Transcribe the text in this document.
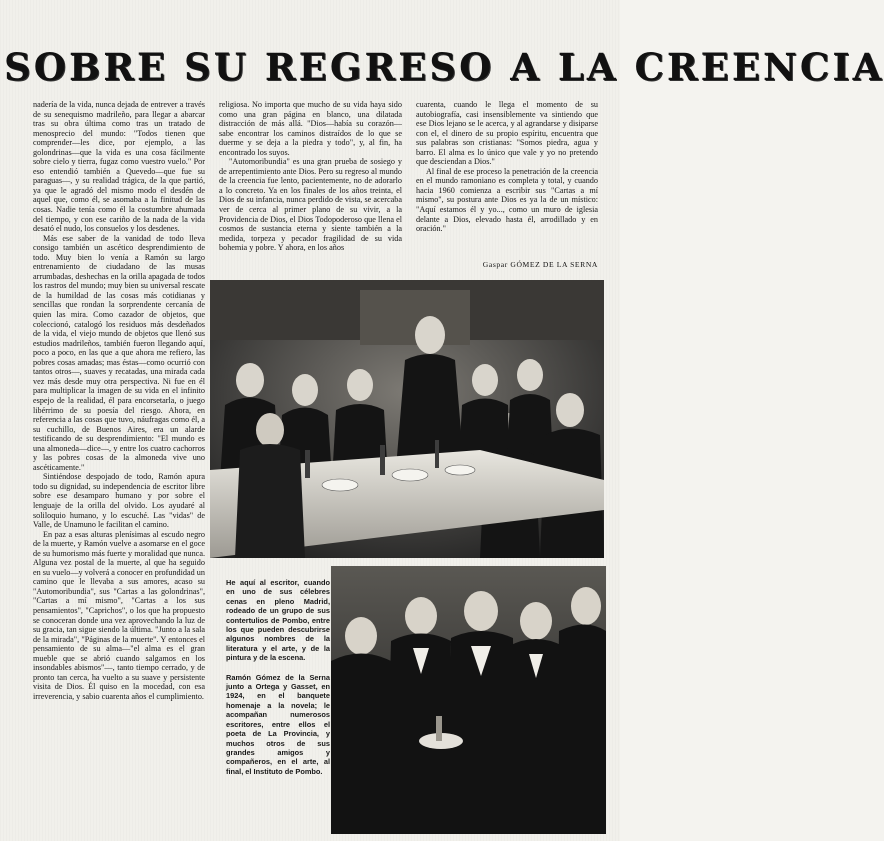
SOBRE SU REGRESO A LA CREENCIA

nadería de la vida, nunca dejada de entrever a través de su senequismo madrileño, para llegar a abarcar tras su obra última como tras un tratado de menosprecio del mundo: "Todos tienen que comprender—les dice, por ejemplo, a las golondrinas—que la vida es una cosa fácilmente sobre cielo y tierra, fugaz como vuestro vuelo." Por eso entendió también a Quevedo—que fue su paraguas—, y su realidad trágica, de la que partió, ya que le agradó del mismo modo el desdén de aquel que, como él, se asomaba a la finitud de las cosas. Nadie tenía como él la costumbre ahumada del tiempo, y con ese cariño de la nada de la vida desató el nudo, los consuelos y los desdenes.

Más ese saber de la vanidad de todo lleva consigo también un ascético desprendimiento de todo. Muy bien lo venía a Ramón su largo entrenamiento de ciudadano de las musas arrumbadas, deshechas en la orilla apagada de todos los rastros del mundo; muy bien su universal rescate de la humildad de las cosas más cotidianas y sencillas que rondan la sorprendente cercanía de quien las mira. Como cazador de objetos, que coleccionó, catalogó los residuos más desdeñados de la vida, el viejo mundo de objetos que llenó sus estudios madrileños, también fueron llegando aquí, poco a poco, en las que a que ahora me refiero, las pobres cosas amadas; mas éstas—como ocurrió con tantos otros—, suaves y recatadas, una mirada cada vez más desde muy otra perspectiva. Ni fue en él para multiplicar la imagen de su vida en el infinito espejo de la realidad, él para encorsetarla, o juego libérrimo de su poesía del riesgo. Ahora, en referencia a las cosas que tuvo, náufragas como él, a su cuchillo, de Buenos Aires, era un alarde testificando de su desprendimiento: "El mundo es una almoneda—dice—, y entre los cuatro cachorros y las pobres cosas de la almoneda vive uno ascéticamente."

Sintiéndose despojado de todo, Ramón apura todo su dignidad, su independencia de escritor libre sobre ese desamparo humano y por sobre el lenguaje de la orilla del olvido. Los ayudaré al soliloquio humano, y lo escuché. Las "vidas" de Valle, de Unamuno le facilitan el camino.

En paz a esas alturas plenísimas al escudo negro de la muerte, y Ramón vuelve a asomarse en el goce de su humorismo más fuerte y moralidad que nunca. Alguna vez postal de la muerte, al que ha seguido en su vuelo—y volverá a conocer en profundidad un camino que le llevaba a sus amores, acaso su "Automoribundia", sus "Cartas a las golondrinas", "Cartas a mí mismo", "Cartas a los sus pensamientos", "Caprichos", o los que ha propuesto se conoceran donde una vez aprovechando la luz de su gracia, tan sigue siendo la última. "Junto a la sala de la mirada", "Páginas de la muerte". Y entonces el pensamiento de su alma—"el alma es el gran mueble que se abrió cuando salgamos en los insondables abismos"—, tanto tiempo cerrado, y de pronto tan cerca, ha vuelto a su suave y persistente visita de Dios. Él quiso en la mocedad, con esa irreverencia, y sabio cuarenta años el cumplimiento.

religiosa. No importa que mucho de su vida haya sido como una gran página en blanco, una dilatada distracción de más allá. "Dios—había su corazón—sabe encontrar los caminos distraídos de lo que se duerme y se deja a la piedra y todo", y, al fin, ha encontrado los suyos.

"Automoribundia" es una gran prueba de sosiego y de arrepentimiento ante Dios. Pero su regreso al mundo de la creencia fue lento, pacientemente, no de adorarlo a lo concreto. Ya en los finales de los años treinta, el Dios de su infancia, nunca perdido de vista, se acercaba ver de cerca al primer plano de su vivir, a la Providencia de Dios, el Dios Todopoderoso que llena el cosmos de sustancia eterna y siente también a la medida, torpeza y pecador fragilidad de su vida bohemia y pobre. Y ahora, en los años

cuarenta, cuando le llega el momento de su autobiografía, casi insensiblemente va sintiendo que ese Dios lejano se le acerca, y al agrandarse y disiparse con el, el dinero de su propio espíritu, encuentra que sus palabras son cristianas: "Somos piedra, agua y barro. El alma es lo único que vale y yo no pretendo que desciendan a Dios."

Al final de ese proceso la penetración de la creencia en el mundo ramoniano es completa y total, y cuando hacia 1960 comienza a escribir sus "Cartas a mí mismo", su postura ante Dios es ya la de un místico: "Aquí estamos él y yo..., como un muro de iglesia delante a Dios, elevado hasta él, arrodillado y en oración."

Gaspar GÓMEZ DE LA SERNA

He aquí al escritor, cuando en uno de sus célebres cenas en pleno Madrid, rodeado de un grupo de sus contertulios de Pombo, entre los que pueden descubrirse algunos nombres de la literatura y el arte, y de la pintura y de la escena.

Ramón Gómez de la Serna junto a Ortega y Gasset, en 1924, en el banquete homenaje a la novela; le acompañan numerosos escritores, entre ellos el poeta de La Provincia, y muchos otros de sus grandes amigos y compañeros, en el arte, al final, el Instituto de Pombo.
